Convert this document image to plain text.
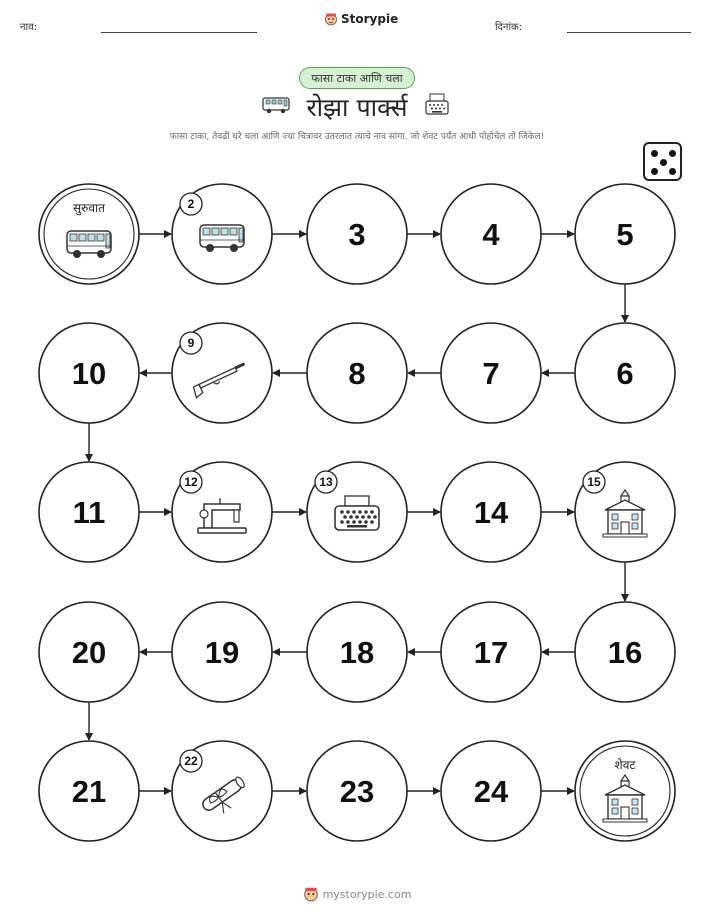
नाव:
Storypie
दिनांक:
फासा टाका आणि चला
रोझा पार्क्स
फासा टाका, तेवढी घरे चला आणि ज्या चित्रावर उतरलात त्याचे नाव सांगा. जो शेवट पर्यंत आधी पोहोचेल तो जिंकेल!
सुरुवात	2
3	4	5
6
7
8
9
10
11
12	13
14
15
16
17
18
19
20
21
22
23	24
शेवट
mystorypie.com
